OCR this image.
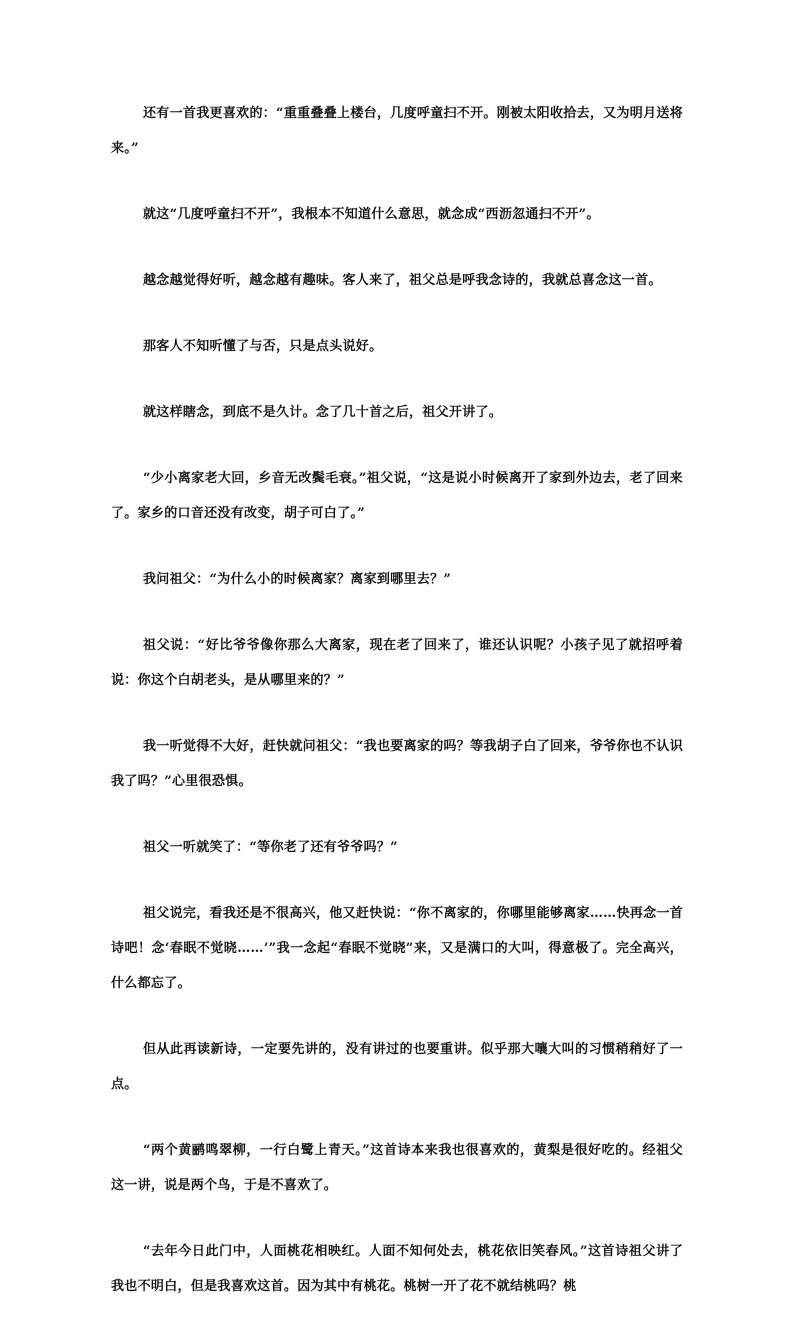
还有一首我更喜欢的：“重重叠叠上楼台，几度呼童扫不开。刚被太阳收拾去，又为明月送将来。”

就这“几度呼童扫不开”，我根本不知道什么意思，就念成“西沥忽通扫不开”。

越念越觉得好听，越念越有趣味。客人来了，祖父总是呼我念诗的，我就总喜念这一首。

那客人不知听懂了与否，只是点头说好。

就这样瞎念，到底不是久计。念了几十首之后，祖父开讲了。

“少小离家老大回，乡音无改鬓毛衰。”祖父说，“这是说小时候离开了家到外边去，老了回来了。家乡的口音还没有改变，胡子可白了。”

我问祖父：“为什么小的时候离家？离家到哪里去？”

祖父说：“好比爷爷像你那么大离家，现在老了回来了，谁还认识呢？小孩子见了就招呼着说：你这个白胡老头，是从哪里来的？”

我一听觉得不大好，赶快就问祖父：“我也要离家的吗？等我胡子白了回来，爷爷你也不认识我了吗？”心里很恐惧。

祖父一听就笑了：“等你老了还有爷爷吗？”

祖父说完，看我还是不很高兴，他又赶快说：“你不离家的，你哪里能够离家……快再念一首诗吧！念‘春眠不觉晓……’”我一念起“春眠不觉晓”来，又是满口的大叫，得意极了。完全高兴，什么都忘了。

但从此再读新诗，一定要先讲的，没有讲过的也要重讲。似乎那大嚷大叫的习惯稍稍好了一点。

“两个黄鹂鸣翠柳，一行白鹭上青天。”这首诗本来我也很喜欢的，黄梨是很好吃的。经祖父这一讲，说是两个鸟，于是不喜欢了。

“去年今日此门中，人面桃花相映红。人面不知何处去，桃花依旧笑春风。”这首诗祖父讲了我也不明白，但是我喜欢这首。因为其中有桃花。桃树一开了花不就结桃吗？桃
